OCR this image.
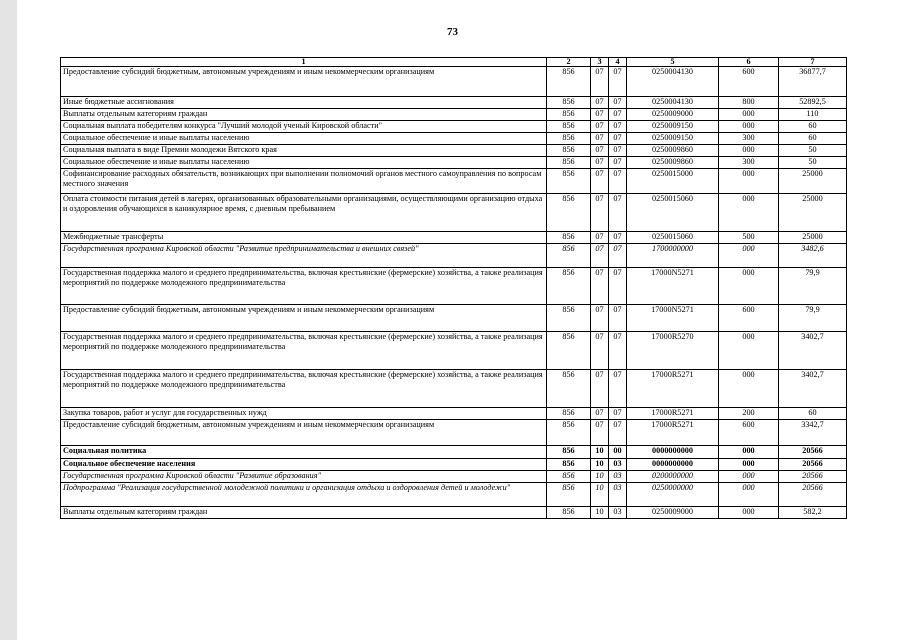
73
1	2	3	4	5	6	7
Предоставление субсидий бюджетным, автономным учреждениям и иным некоммерческим организациям	856	07	07	0250004130	600	36877,7
Иные бюджетные ассигнования	856	07	07	0250004130	800	52892,5
Выплаты отдельным категориям граждан	856	07	07	0250009000	000	110
Социальная выплата победителям конкурса "Лучший молодой ученый Кировской области"	856	07	07	0250009150	000	60
Социальное обеспечение и иные выплаты населению	856	07	07	0250009150	300	60
Социальная выплата в виде Премии молодежи Вятского края	856	07	07	0250009860	000	50
Социальное обеспечение и иные выплаты населению	856	07	07	0250009860	300	50
Софинансирование расходных обязательств, возникающих при выполнении полномочий органов местного самоуправления по вопросам местного значения	856	07	07	0250015000	000	25000
Оплата стоимости питания детей в лагерях, организованных образовательными организациями, осуществляющими организацию отдыха и оздоровления обучающихся в каникулярное время, с дневным пребыванием	856	07	07	0250015060	000	25000
Межбюджетные трансферты	856	07	07	0250015060	500	25000
Государственная программа Кировской области "Развитие предпринимательства и внешних связей"	856	07	07	1700000000	000	3482,6
Государственная поддержка малого и среднего предпринимательства, включая крестьянские (фермерские) хозяйства, а также реализация мероприятий по поддержке молодежного предпринимательства	856	07	07	17000N5271	000	79,9
Предоставление субсидий бюджетным, автономным учреждениям и иным некоммерческим организациям	856	07	07	17000N5271	600	79,9
Государственная поддержка малого и среднего предпринимательства, включая крестьянские (фермерские) хозяйства, а также реализация мероприятий по поддержке молодежного предпринимательства	856	07	07	17000R5270	000	3402,7
Государственная поддержка малого и среднего предпринимательства, включая крестьянские (фермерские) хозяйства, а также реализация мероприятий по поддержке молодежного предпринимательства	856	07	07	17000R5271	000	3402,7
Закупка товаров, работ и услуг для государственных нужд	856	07	07	17000R5271	200	60
Предоставление субсидий бюджетным, автономным учреждениям и иным некоммерческим организациям	856	07	07	17000R5271	600	3342,7
Социальная политика	856	10	00	0000000000	000	20566
Социальное обеспечение населения	856	10	03	0000000000	000	20566
Государственная программа Кировской области "Развитие образования"	856	10	03	0200000000	000	20566
Подпрограмма "Реализация государственной молодежной политики и организация отдыха и оздоровления детей и молодежи"	856	10	03	0250000000	000	20566
Выплаты отдельным категориям граждан	856	10	03	0250009000	000	582,2
